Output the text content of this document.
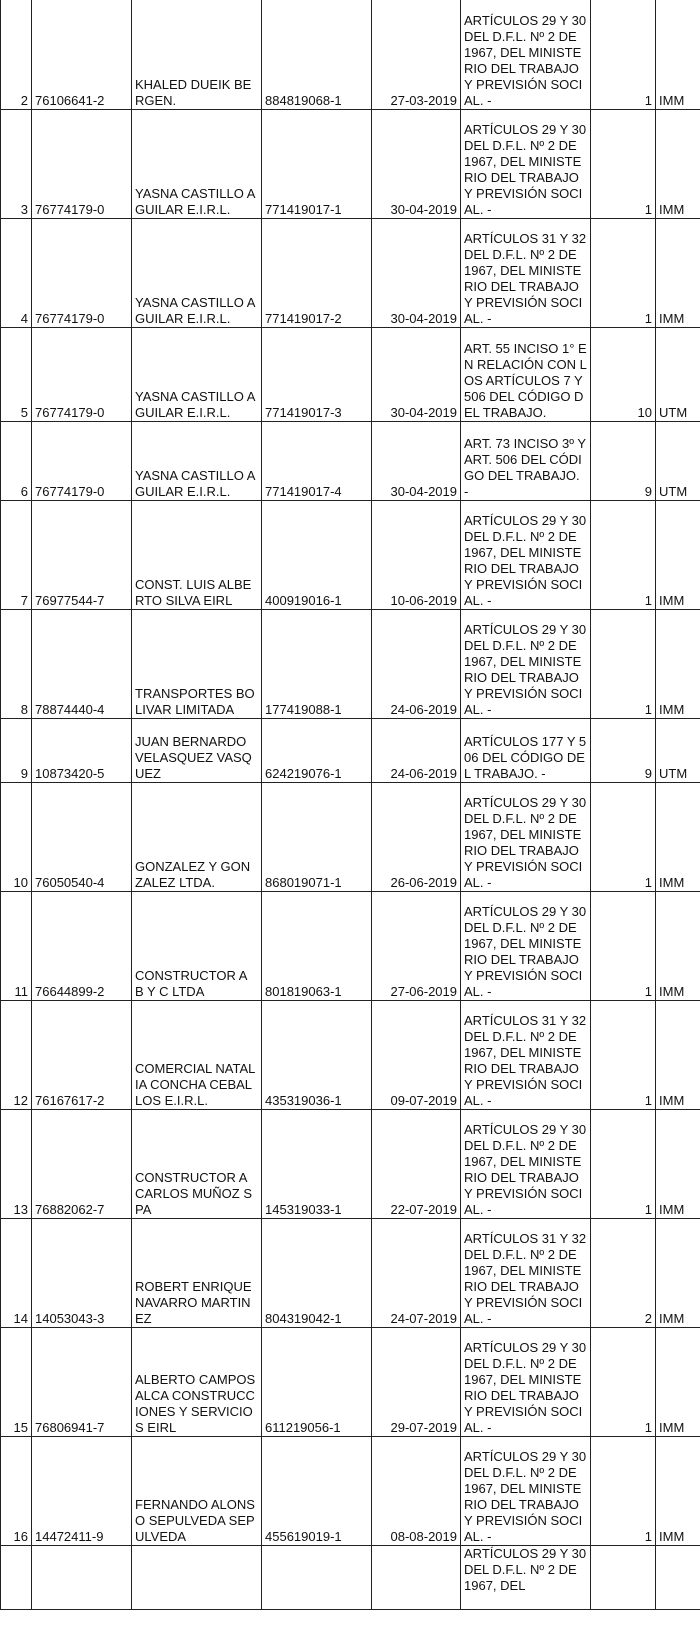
2	76106641-2	KHALED DUEIK BERGEN.	884819068-1	27-03-2019	ARTÍCULOS 29 Y 30 DEL D.F.L. Nº 2 DE 1967, DEL MINISTERIO DEL TRABAJO Y PREVISIÓN SOCIAL. -	1	IMM
3	76774179-0	YASNA CASTILLO AGUILAR E.I.R.L.	771419017-1	30-04-2019	ARTÍCULOS 29 Y 30 DEL D.F.L. Nº 2 DE 1967, DEL MINISTERIO DEL TRABAJO Y PREVISIÓN SOCIAL. -	1	IMM
4	76774179-0	YASNA CASTILLO AGUILAR E.I.R.L.	771419017-2	30-04-2019	ARTÍCULOS 31 Y 32 DEL D.F.L. Nº 2 DE 1967, DEL MINISTERIO DEL TRABAJO Y PREVISIÓN SOCIAL. -	1	IMM
5	76774179-0	YASNA CASTILLO AGUILAR E.I.R.L.	771419017-3	30-04-2019	ART. 55 INCISO 1° EN RELACIÓN CON LOS ARTÍCULOS 7 Y 506 DEL CÓDIGO DEL TRABAJO.	10	UTM
6	76774179-0	YASNA CASTILLO AGUILAR E.I.R.L.	771419017-4	30-04-2019	ART. 73 INCISO 3º Y ART. 506 DEL CÓDIGO DEL TRABAJO. -	9	UTM
7	76977544-7	CONST. LUIS ALBERTO SILVA EIRL	400919016-1	10-06-2019	ARTÍCULOS 29 Y 30 DEL D.F.L. Nº 2 DE 1967, DEL MINISTERIO DEL TRABAJO Y PREVISIÓN SOCIAL. -	1	IMM
8	78874440-4	TRANSPORTES BOLIVAR LIMITADA	177419088-1	24-06-2019	ARTÍCULOS 29 Y 30 DEL D.F.L. Nº 2 DE 1967, DEL MINISTERIO DEL TRABAJO Y PREVISIÓN SOCIAL. -	1	IMM
9	10873420-5	JUAN BERNARDO VELASQUEZ VASQUEZ	624219076-1	24-06-2019	ARTÍCULOS 177 Y 506 DEL CÓDIGO DEL TRABAJO. -	9	UTM
10	76050540-4	GONZALEZ Y GONZALEZ LTDA.	868019071-1	26-06-2019	ARTÍCULOS 29 Y 30 DEL D.F.L. Nº 2 DE 1967, DEL MINISTERIO DEL TRABAJO Y PREVISIÓN SOCIAL. -	1	IMM
11	76644899-2	CONSTRUCTOR A B Y C LTDA	801819063-1	27-06-2019	ARTÍCULOS 29 Y 30 DEL D.F.L. Nº 2 DE 1967, DEL MINISTERIO DEL TRABAJO Y PREVISIÓN SOCIAL. -	1	IMM
12	76167617-2	COMERCIAL NATALIA CONCHA CEBALLOS E.I.R.L.	435319036-1	09-07-2019	ARTÍCULOS 31 Y 32 DEL D.F.L. Nº 2 DE 1967, DEL MINISTERIO DEL TRABAJO Y PREVISIÓN SOCIAL. -	1	IMM
13	76882062-7	CONSTRUCTOR A CARLOS MUÑOZ SPA	145319033-1	22-07-2019	ARTÍCULOS 29 Y 30 DEL D.F.L. Nº 2 DE 1967, DEL MINISTERIO DEL TRABAJO Y PREVISIÓN SOCIAL. -	1	IMM
14	14053043-3	ROBERT ENRIQUE NAVARRO MARTINEZ	804319042-1	24-07-2019	ARTÍCULOS 31 Y 32 DEL D.F.L. Nº 2 DE 1967, DEL MINISTERIO DEL TRABAJO Y PREVISIÓN SOCIAL. -	2	IMM
15	76806941-7	ALBERTO CAMPOS ALCA CONSTRUCCIONES Y SERVICIOS EIRL	611219056-1	29-07-2019	ARTÍCULOS 29 Y 30 DEL D.F.L. Nº 2 DE 1967, DEL MINISTERIO DEL TRABAJO Y PREVISIÓN SOCIAL. -	1	IMM
16	14472411-9	FERNANDO ALONSO SEPULVEDA SEPULVEDA	455619019-1	08-08-2019	ARTÍCULOS 29 Y 30 DEL D.F.L. Nº 2 DE 1967, DEL MINISTERIO DEL TRABAJO Y PREVISIÓN SOCIAL. -	1	IMM
					ARTÍCULOS 29 Y 30 DEL D.F.L. Nº 2 DE 1967, DEL		
